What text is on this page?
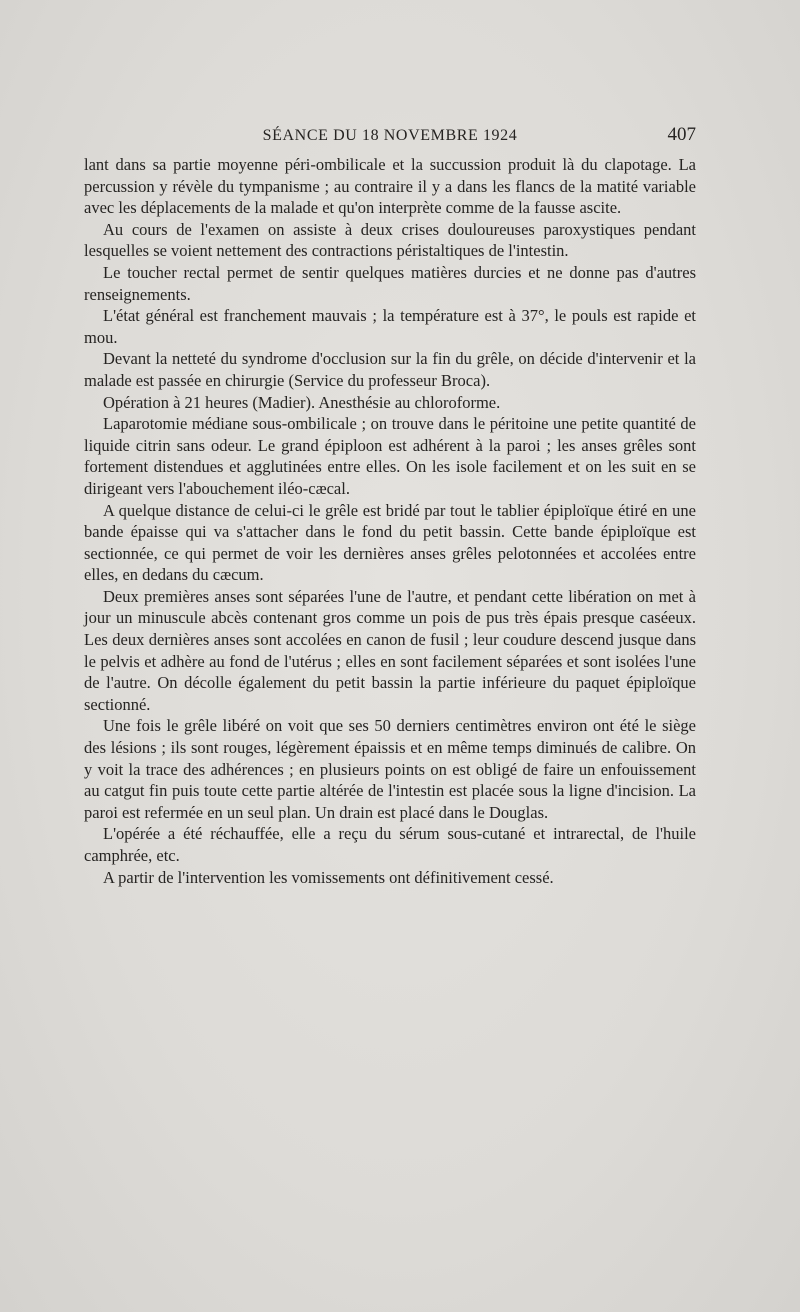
SÉANCE DU 18 NOVEMBRE 1924	407

lant dans sa partie moyenne péri-ombilicale et la succussion produit là du clapotage. La percussion y révèle du tympanisme ; au contraire il y a dans les flancs de la matité variable avec les déplacements de la malade et qu'on interprète comme de la fausse ascite.

Au cours de l'examen on assiste à deux crises douloureuses paroxystiques pendant lesquelles se voient nettement des contractions péristaltiques de l'intestin.

Le toucher rectal permet de sentir quelques matières durcies et ne donne pas d'autres renseignements.

L'état général est franchement mauvais ; la température est à 37°, le pouls est rapide et mou.

Devant la netteté du syndrome d'occlusion sur la fin du grêle, on décide d'intervenir et la malade est passée en chirurgie (Service du professeur Broca).

Opération à 21 heures (Madier). Anesthésie au chloroforme.

Laparotomie médiane sous-ombilicale ; on trouve dans le péritoine une petite quantité de liquide citrin sans odeur. Le grand épiploon est adhérent à la paroi ; les anses grêles sont fortement distendues et agglutinées entre elles. On les isole facilement et on les suit en se dirigeant vers l'abouchement iléo-cæcal.

A quelque distance de celui-ci le grêle est bridé par tout le tablier épiploïque étiré en une bande épaisse qui va s'attacher dans le fond du petit bassin. Cette bande épiploïque est sectionnée, ce qui permet de voir les dernières anses grêles pelotonnées et accolées entre elles, en dedans du cæcum.

Deux premières anses sont séparées l'une de l'autre, et pendant cette libération on met à jour un minuscule abcès contenant gros comme un pois de pus très épais presque caséeux. Les deux dernières anses sont accolées en canon de fusil ; leur coudure descend jusque dans le pelvis et adhère au fond de l'utérus ; elles en sont facilement séparées et sont isolées l'une de l'autre. On décolle également du petit bassin la partie inférieure du paquet épiploïque sectionné.

Une fois le grêle libéré on voit que ses 50 derniers centimètres environ ont été le siège des lésions ; ils sont rouges, légèrement épaissis et en même temps diminués de calibre. On y voit la trace des adhérences ; en plusieurs points on est obligé de faire un enfouissement au catgut fin puis toute cette partie altérée de l'intestin est placée sous la ligne d'incision. La paroi est refermée en un seul plan. Un drain est placé dans le Douglas.

L'opérée a été réchauffée, elle a reçu du sérum sous-cutané et intrarectal, de l'huile camphrée, etc.

A partir de l'intervention les vomissements ont définitivement cessé.
